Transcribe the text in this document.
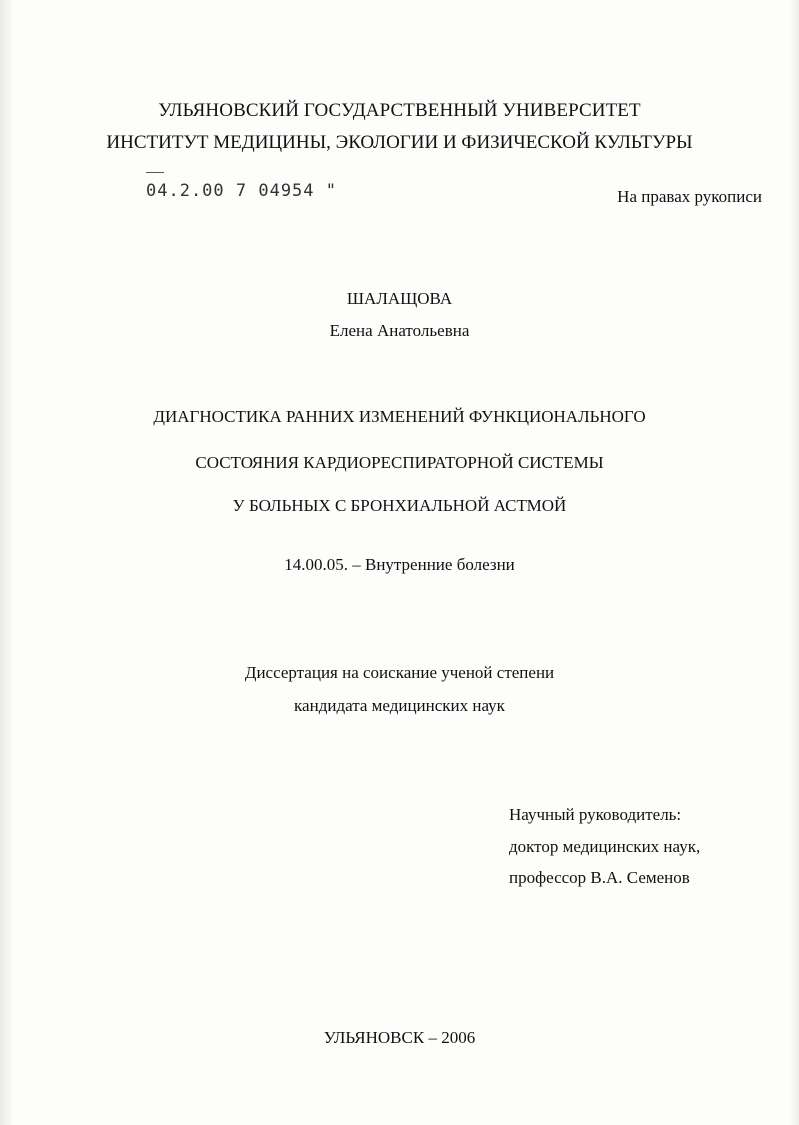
УЛЬЯНОВСКИЙ ГОСУДАРСТВЕННЫЙ УНИВЕРСИТЕТ
ИНСТИТУТ МЕДИЦИНЫ, ЭКОЛОГИИ И ФИЗИЧЕСКОЙ КУЛЬТУРЫ
04.2.00 7 04954 "	На правах рукописи
ШАЛАЩОВА
Елена Анатольевна
ДИАГНОСТИКА РАННИХ ИЗМЕНЕНИЙ ФУНКЦИОНАЛЬНОГО
СОСТОЯНИЯ КАРДИОРЕСПИРАТОРНОЙ СИСТЕМЫ
У БОЛЬНЫХ С БРОНХИАЛЬНОЙ АСТМОЙ
14.00.05. – Внутренние болезни
Диссертация на соискание ученой степени
кандидата медицинских наук
Научный руководитель:
доктор медицинских наук,
профессор В.А. Семенов
УЛЬЯНОВСК – 2006
